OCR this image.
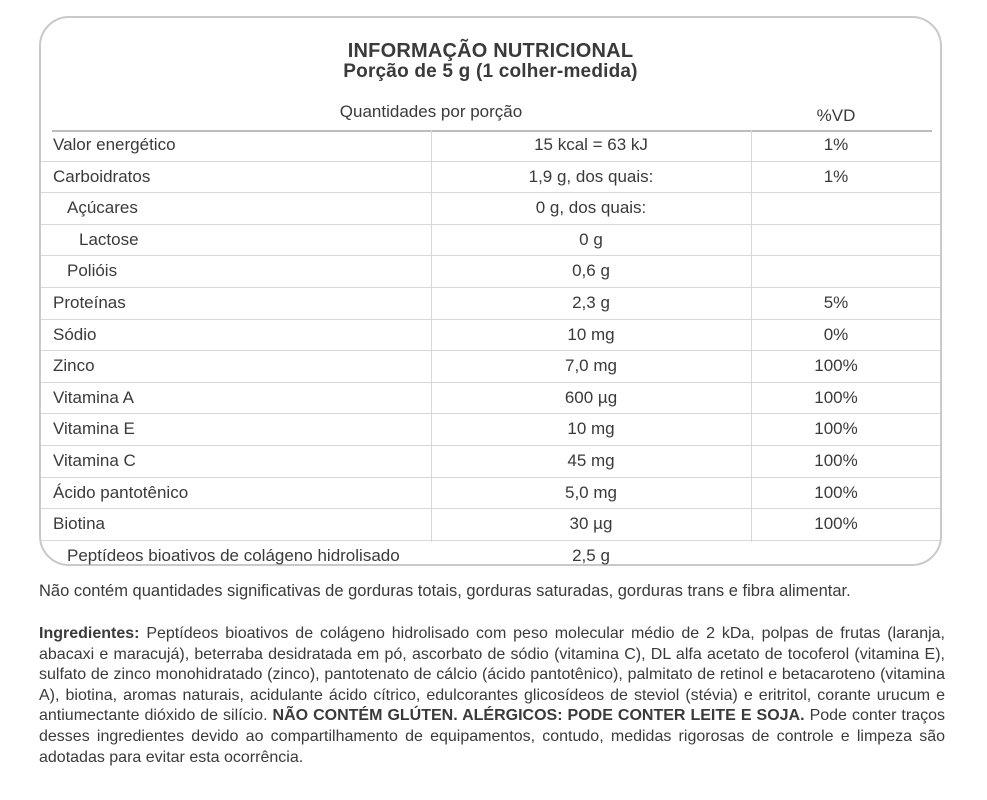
INFORMAÇÃO NUTRICIONAL
Porção de 5 g (1 colher-medida)
Quantidades por porção	%VD
Valor energético	15 kcal = 63 kJ	1%
Carboidratos	1,9 g, dos quais:	1%
Açúcares	0 g, dos quais:
Lactose	0 g
Polióis	0,6 g
Proteínas	2,3 g	5%
Sódio	10 mg	0%
Zinco	7,0 mg	100%
Vitamina A	600 µg	100%
Vitamina E	10 mg	100%
Vitamina C	45 mg	100%
Ácido pantotênico	5,0 mg	100%
Biotina	30 µg	100%
Peptídeos bioativos de colágeno hidrolisado	2,5 g
Não contém quantidades significativas de gorduras totais, gorduras saturadas, gorduras trans e fibra alimentar.
Ingredientes: Peptídeos bioativos de colágeno hidrolisado com peso molecular médio de 2 kDa, polpas de frutas (laranja, abacaxi e maracujá), beterraba desidratada em pó, ascorbato de sódio (vitamina C), DL alfa acetato de tocoferol (vitamina E), sulfato de zinco monohidratado (zinco), pantotenato de cálcio (ácido pantotênico), palmitato de retinol e betacaroteno (vitamina A), biotina, aromas naturais, acidulante ácido cítrico, edulcorantes glicosídeos de steviol (stévia) e eritritol, corante urucum e antiumectante dióxido de silício. NÃO CONTÉM GLÚTEN. ALÉRGICOS: PODE CONTER LEITE E SOJA. Pode conter traços desses ingredientes devido ao compartilhamento de equipamentos, contudo, medidas rigorosas de controle e limpeza são adotadas para evitar esta ocorrência.
